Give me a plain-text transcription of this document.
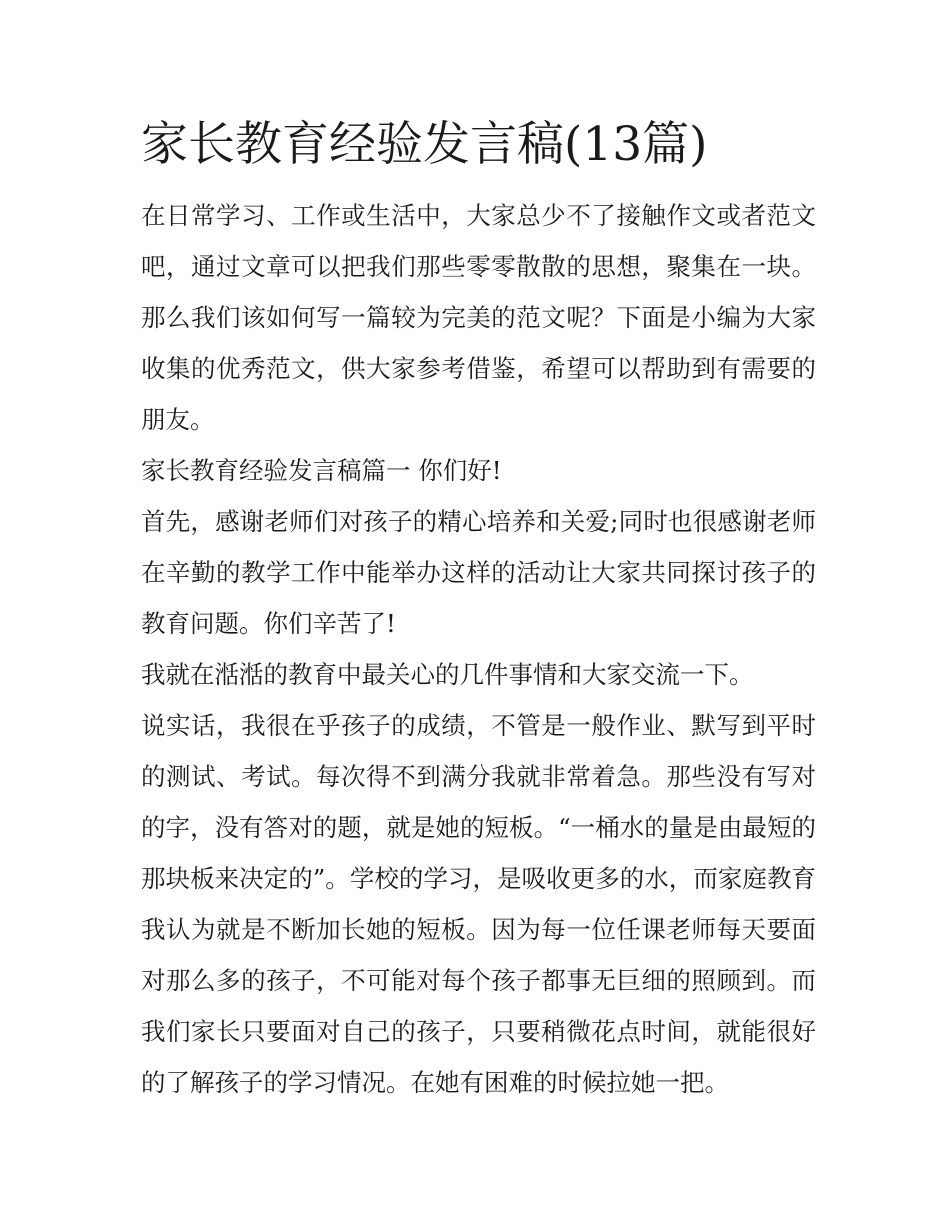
家长教育经验发言稿(13篇)

在日常学习、工作或生活中，大家总少不了接触作文或者范文吧，通过文章可以把我们那些零零散散的思想，聚集在一块。那么我们该如何写一篇较为完美的范文呢？下面是小编为大家收集的优秀范文，供大家参考借鉴，希望可以帮助到有需要的朋友。

家长教育经验发言稿篇一 你们好!

首先，感谢老师们对孩子的精心培养和关爱;同时也很感谢老师在辛勤的教学工作中能举办这样的活动让大家共同探讨孩子的教育问题。你们辛苦了!

我就在湉湉的教育中最关心的几件事情和大家交流一下。

说实话，我很在乎孩子的成绩，不管是一般作业、默写到平时的测试、考试。每次得不到满分我就非常着急。那些没有写对的字，没有答对的题，就是她的短板。“一桶水的量是由最短的那块板来决定的”。学校的学习，是吸收更多的水，而家庭教育我认为就是不断加长她的短板。因为每一位任课老师每天要面对那么多的孩子，不可能对每个孩子都事无巨细的照顾到。而我们家长只要面对自己的孩子，只要稍微花点时间，就能很好的了解孩子的学习情况。在她有困难的时候拉她一把。
